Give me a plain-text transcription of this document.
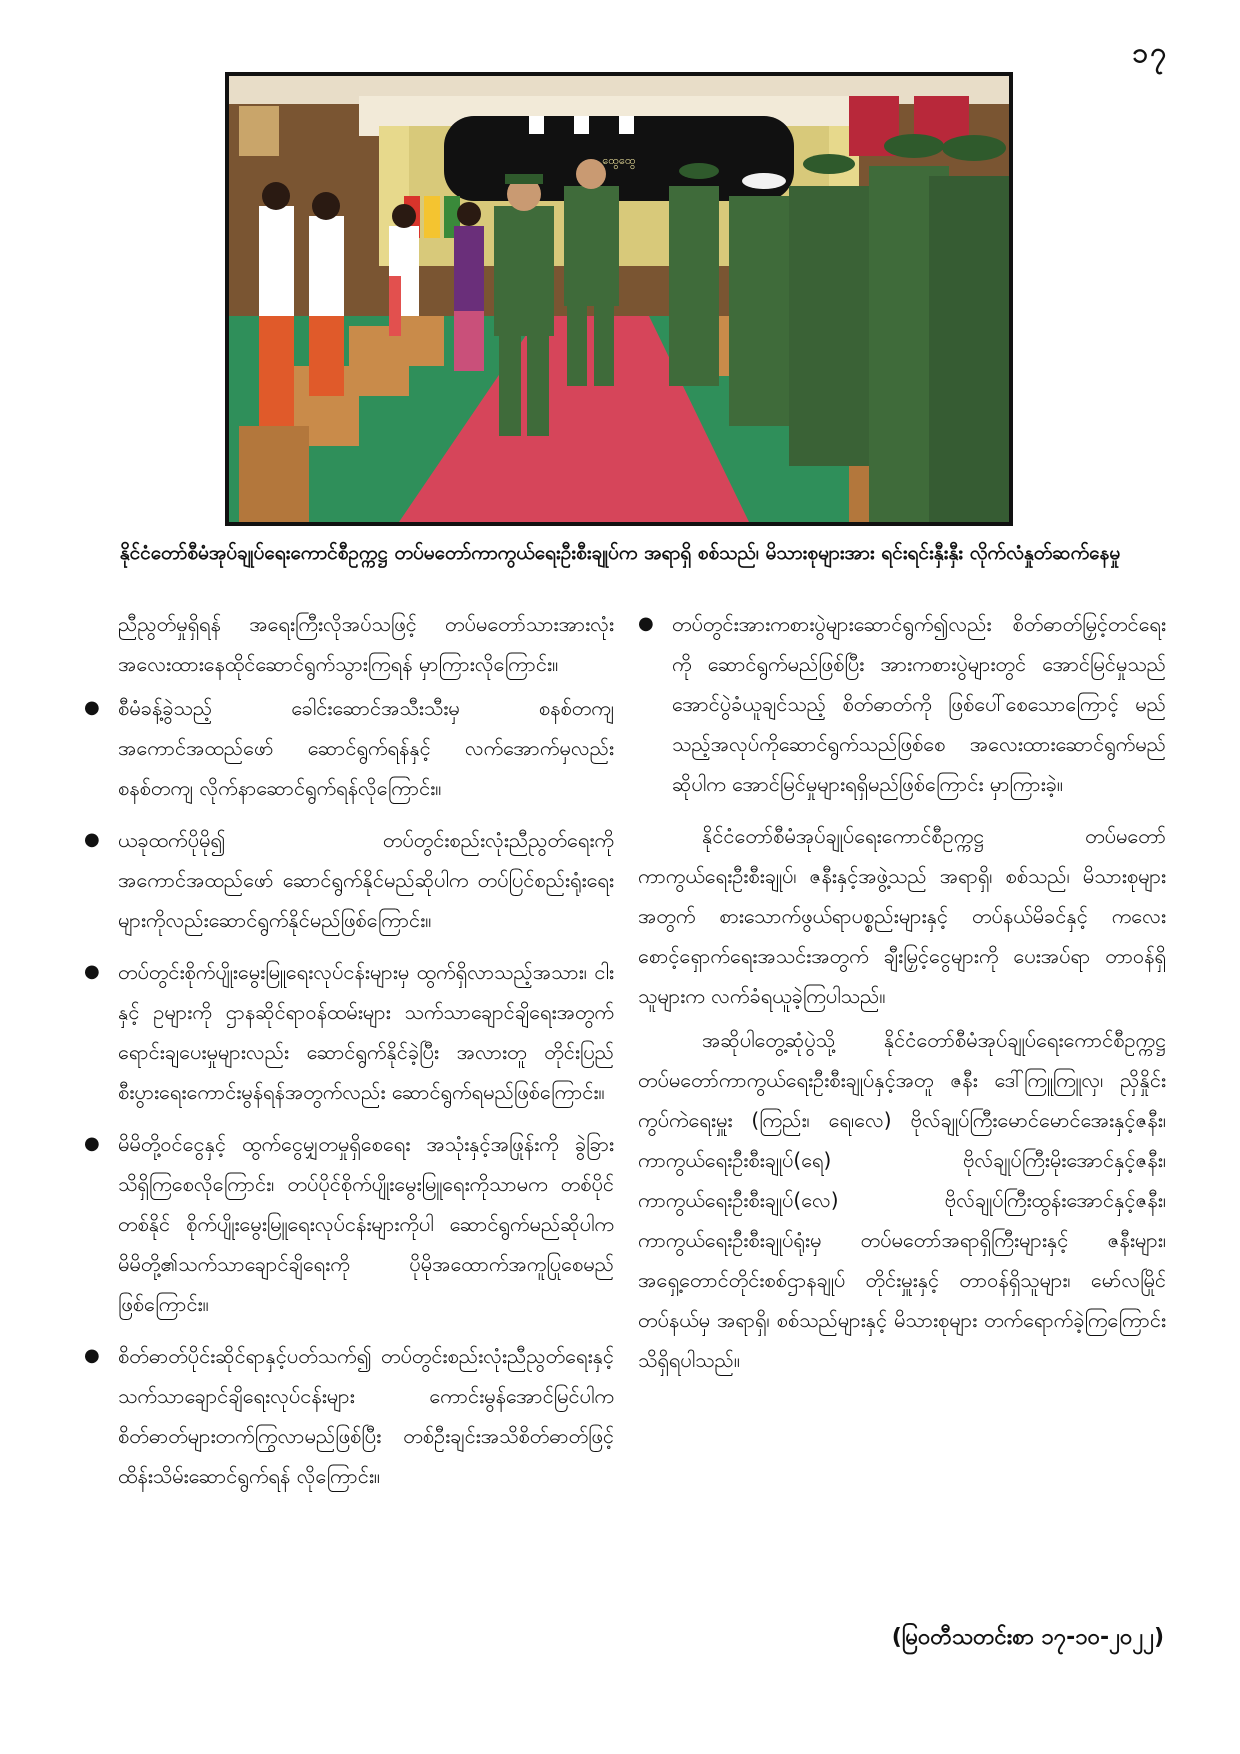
၁၇
ထွေထွေ
နိုင်ငံတော်စီမံအုပ်ချုပ်ရေးကောင်စီဥက္ကဋ္ဌ တပ်မတော်ကာကွယ်ရေးဦးစီးချုပ်က အရာရှိ စစ်သည်၊ မိသားစုများအား ရင်းရင်းနှီးနှီး လိုက်လံနှုတ်ဆက်နေမှု

ညီညွတ်မှုရှိရန် အရေးကြီးလိုအပ်သဖြင့် တပ်မတော်သားအားလုံး အလေးထားနေထိုင်ဆောင်ရွက်သွားကြရန် မှာကြားလိုကြောင်း။

● စီမံခန့်ခွဲသည့် ခေါင်းဆောင်အသီးသီးမှ စနစ်တကျ အကောင်အထည်ဖော် ဆောင်ရွက်ရန်နှင့် လက်အောက်မှလည်း စနစ်တကျ လိုက်နာဆောင်ရွက်ရန်လိုကြောင်း။
● ယခုထက်ပိုမို၍ တပ်တွင်းစည်းလုံးညီညွတ်ရေးကို အကောင်အထည်ဖော် ဆောင်ရွက်နိုင်မည်ဆိုပါက တပ်ပြင်စည်းရုံးရေးများကိုလည်းဆောင်ရွက်နိုင်မည်ဖြစ်ကြောင်း။
● တပ်တွင်းစိုက်ပျိုးမွေးမြူရေးလုပ်ငန်းများမှ ထွက်ရှိလာသည့်အသား၊ ငါးနှင့် ဥများကို ဌာနဆိုင်ရာဝန်ထမ်းများ သက်သာချောင်ချိရေးအတွက် ရောင်းချပေးမှုများလည်း ဆောင်ရွက်နိုင်ခဲ့ပြီး အလားတူ တိုင်းပြည်စီးပွားရေးကောင်းမွန်ရန်အတွက်လည်း ဆောင်ရွက်ရမည်ဖြစ်ကြောင်း။
● မိမိတို့ဝင်ငွေနှင့် ထွက်ငွေမျှတမှုရှိစေရေး အသုံးနှင့်အဖြုန်းကို ခွဲခြားသိရှိကြစေလိုကြောင်း၊ တပ်ပိုင်စိုက်ပျိုးမွေးမြူရေးကိုသာမက တစ်ပိုင်တစ်နိုင် စိုက်ပျိုးမွေးမြူရေးလုပ်ငန်းများကိုပါ ဆောင်ရွက်မည်ဆိုပါက မိမိတို့၏သက်သာချောင်ချိရေးကို ပိုမိုအထောက်အကူပြုစေမည်ဖြစ်ကြောင်း။
● စိတ်ဓာတ်ပိုင်းဆိုင်ရာနှင့်ပတ်သက်၍ တပ်တွင်းစည်းလုံးညီညွတ်ရေးနှင့် သက်သာချောင်ချိရေးလုပ်ငန်းများ ကောင်းမွန်အောင်မြင်ပါက စိတ်ဓာတ်များတက်ကြွလာမည်ဖြစ်ပြီး တစ်ဦးချင်းအသိစိတ်ဓာတ်ဖြင့် ထိန်းသိမ်းဆောင်ရွက်ရန် လိုကြောင်း။
● တပ်တွင်းအားကစားပွဲများဆောင်ရွက်၍လည်း စိတ်ဓာတ်မြှင့်တင်ရေးကို ဆောင်ရွက်မည်ဖြစ်ပြီး အားကစားပွဲများတွင် အောင်မြင်မှုသည် အောင်ပွဲခံယူချင်သည့် စိတ်ဓာတ်ကို ဖြစ်ပေါ်စေသောကြောင့် မည်သည့်အလုပ်ကိုဆောင်ရွက်သည်ဖြစ်စေ အလေးထားဆောင်ရွက်မည်ဆိုပါက အောင်မြင်မှုများရရှိမည်ဖြစ်ကြောင်း မှာကြားခဲ့။

နိုင်ငံတော်စီမံအုပ်ချုပ်ရေးကောင်စီဥက္ကဋ္ဌ တပ်မတော်ကာကွယ်ရေးဦးစီးချုပ်၊ ဇနီးနှင့်အဖွဲ့သည် အရာရှိ၊ စစ်သည်၊ မိသားစုများအတွက် စားသောက်ဖွယ်ရာပစ္စည်းများနှင့် တပ်နယ်မိခင်နှင့် ကလေးစောင့်ရှောက်ရေးအသင်းအတွက် ချီးမြှင့်ငွေများကို ပေးအပ်ရာ တာဝန်ရှိသူများက လက်ခံရယူခဲ့ကြပါသည်။

အဆိုပါတွေ့ဆုံပွဲသို့ နိုင်ငံတော်စီမံအုပ်ချုပ်ရေးကောင်စီဥက္ကဋ္ဌ တပ်မတော်ကာကွယ်ရေးဦးစီးချုပ်နှင့်အတူ ဇနီး ဒေါ်ကြူကြူလှ၊ ညှိနှိုင်းကွပ်ကဲရေးမှူး (ကြည်း၊ ရေ၊လေ) ဗိုလ်ချုပ်ကြီးမောင်မောင်အေးနှင့်ဇနီး၊ ကာကွယ်ရေးဦးစီးချုပ်(ရေ) ဗိုလ်ချုပ်ကြီးမိုးအောင်နှင့်ဇနီး၊ ကာကွယ်ရေးဦးစီးချုပ်(လေ) ဗိုလ်ချုပ်ကြီးထွန်းအောင်နှင့်ဇနီး၊ ကာကွယ်ရေးဦးစီးချုပ်ရုံးမှ တပ်မတော်အရာရှိကြီးများနှင့် ဇနီးများ၊ အရှေ့တောင်တိုင်းစစ်ဌာနချုပ် တိုင်းမှူးနှင့် တာဝန်ရှိသူများ၊ မော်လမြိုင်တပ်နယ်မှ အရာရှိ၊ စစ်သည်များနှင့် မိသားစုများ တက်ရောက်ခဲ့ကြကြောင်း သိရှိရပါသည်။

(မြဝတီသတင်းစာ ၁၇-၁၀-၂၀၂၂)
